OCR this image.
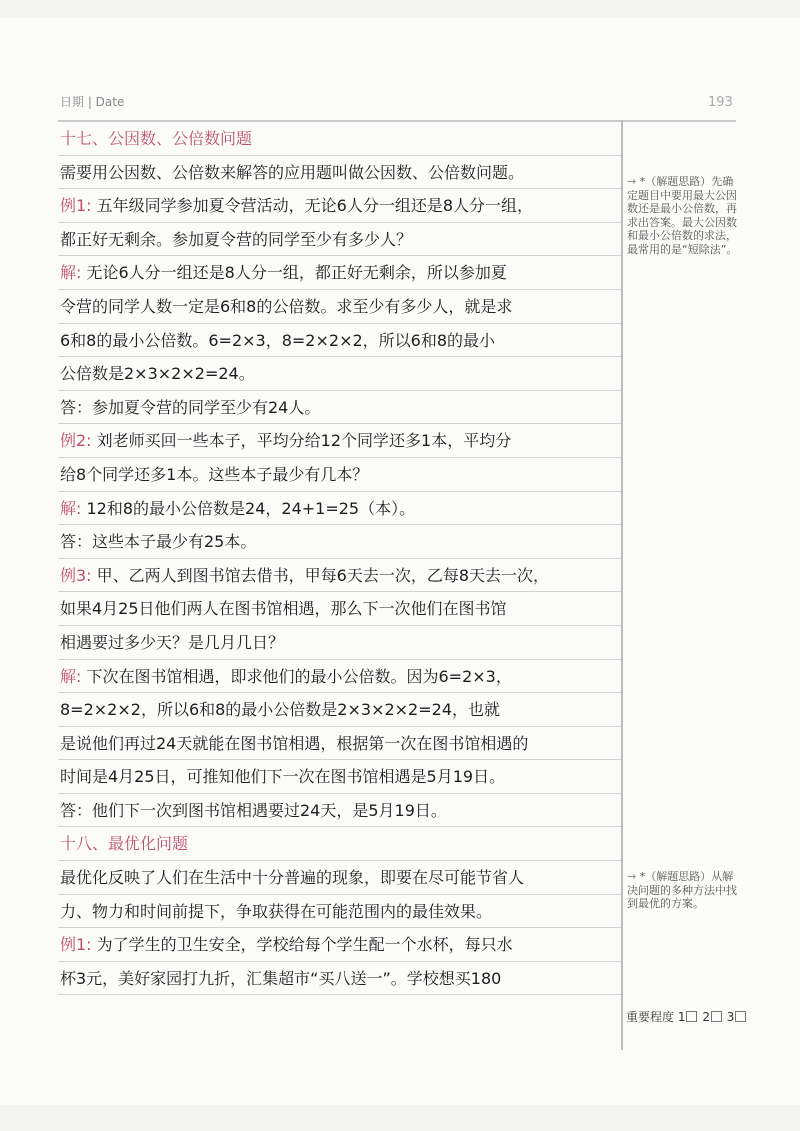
日期 | Date	193
十七、公因数、公倍数问题
需要用公因数、公倍数来解答的应用题叫做公因数、公倍数问题。
例1: 五年级同学参加夏令营活动，无论6人分一组还是8人分一组，
都正好无剩余。参加夏令营的同学至少有多少人？
解: 无论6人分一组还是8人分一组，都正好无剩余，所以参加夏
令营的同学人数一定是6和8的公倍数。求至少有多少人，就是求
6和8的最小公倍数。6=2×3，8=2×2×2，所以6和8的最小
公倍数是2×3×2×2=24。
答：参加夏令营的同学至少有24人。
例2: 刘老师买回一些本子，平均分给12个同学还多1本，平均分
给8个同学还多1本。这些本子最少有几本？
解: 12和8的最小公倍数是24，24+1=25（本）。
答：这些本子最少有25本。
例3: 甲、乙两人到图书馆去借书，甲每6天去一次，乙每8天去一次，
如果4月25日他们两人在图书馆相遇，那么下一次他们在图书馆
相遇要过多少天？是几月几日？
解: 下次在图书馆相遇，即求他们的最小公倍数。因为6=2×3，
8=2×2×2，所以6和8的最小公倍数是2×3×2×2=24，也就
是说他们再过24天就能在图书馆相遇，根据第一次在图书馆相遇的
时间是4月25日，可推知他们下一次在图书馆相遇是5月19日。
答：他们下一次到图书馆相遇要过24天，是5月19日。
十八、最优化问题
最优化反映了人们在生活中十分普遍的现象，即要在尽可能节省人
力、物力和时间前提下，争取获得在可能范围内的最佳效果。
例1: 为了学生的卫生安全，学校给每个学生配一个水杯，每只水
杯3元，美好家园打九折，汇集超市“买八送一”。学校想买180
→ *（解题思路）先确定题目中要用最大公因数还是最小公倍数，再求出答案。最大公因数和最小公倍数的求法，最常用的是“短除法”。
→ *（解题思路）从解决问题的多种方法中找到最优的方案。
重要程度 1 2 3
